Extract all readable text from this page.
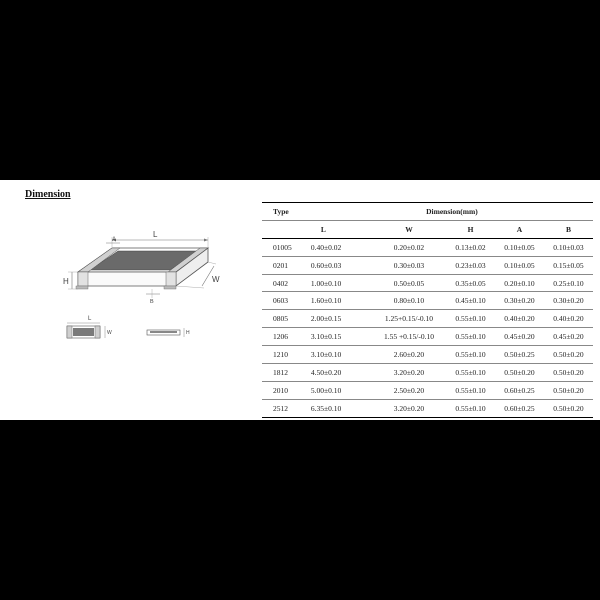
Dimension
L
A
W
H
B
L
W	H
Type	Dimension(mm)				
	L	W	H	A	B
01005	0.40±0.02	0.20±0.02	0.13±0.02	0.10±0.05	0.10±0.03
0201	0.60±0.03	0.30±0.03	0.23±0.03	0.10±0.05	0.15±0.05
0402	1.00±0.10	0.50±0.05	0.35±0.05	0.20±0.10	0.25±0.10
0603	1.60±0.10	0.80±0.10	0.45±0.10	0.30±0.20	0.30±0.20
0805	2.00±0.15	1.25+0.15/-0.10	0.55±0.10	0.40±0.20	0.40±0.20
1206	3.10±0.15	1.55 +0.15/-0.10	0.55±0.10	0.45±0.20	0.45±0.20
1210	3.10±0.10	2.60±0.20	0.55±0.10	0.50±0.25	0.50±0.20
1812	4.50±0.20	3.20±0.20	0.55±0.10	0.50±0.20	0.50±0.20
2010	5.00±0.10	2.50±0.20	0.55±0.10	0.60±0.25	0.50±0.20
2512	6.35±0.10	3.20±0.20	0.55±0.10	0.60±0.25	0.50±0.20
